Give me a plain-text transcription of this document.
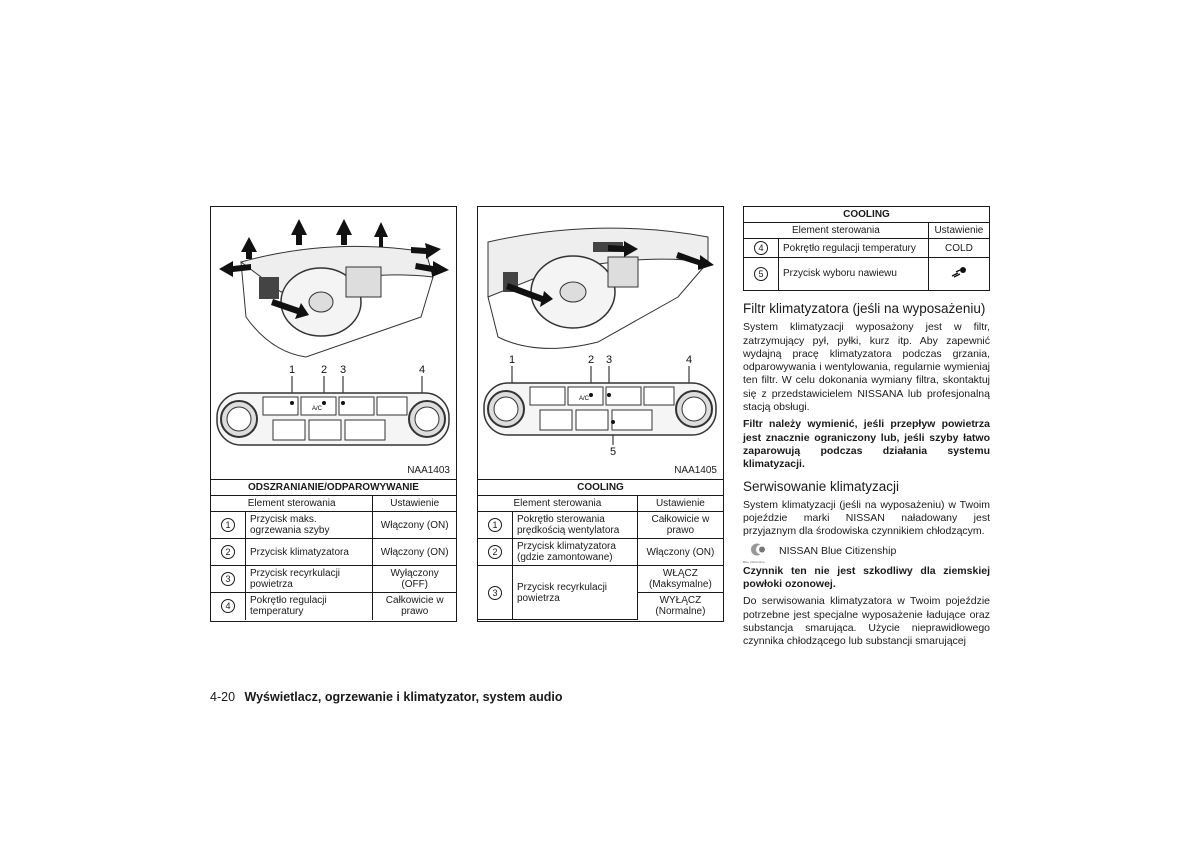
1 2 3	4
A/C
NAA1403
ODSZRANIANIE/ODPAROWYWANIE		
Element sterowania		Ustawienie
1	Przycisk maks. ogrzewania szyby	Włączony (ON)
2	Przycisk klimatyzatora	Włączony (ON)
3	Przycisk recyrkulacji powietrza	Wyłączony (OFF)
4	Pokrętło regulacji temperatury	Całkowicie w prawo
1	2 3	4
5
A/C
NAA1405
COOLING		
Element sterowania		Ustawienie
1	Pokrętło sterowania prędkością wentylatora	Całkowicie w prawo
2	Przycisk klimatyzatora (gdzie zamontowane)	Włączony (ON)
3	Przycisk recyrkulacji powietrza	WŁĄCZ (Maksymalne)
		WYŁĄCZ (Normalne)
COOLING		
Element sterowania		Ustawienie
4	Pokrętło regulacji temperatury	COLD
5	Przycisk wyboru nawiewu	
Filtr klimatyzatora (jeśli na wyposażeniu)

System klimatyzacji wyposażony jest w filtr, zatrzymujący pył, pyłki, kurz itp. Aby zapewnić wydajną pracę klimatyzatora podczas grzania, odparowywania i wentylowania, regularnie wymieniaj ten filtr. W celu dokonania wymiany filtra, skontaktuj się z przedstawicielem NISSANA lub profesjonalną stacją obsługi.

Filtr należy wymienić, jeśli przepływ powietrza jest znacznie ograniczony lub, jeśli szyby łatwo zaparowują podczas działania systemu klimatyzacji.

Serwisowanie klimatyzacji

System klimatyzacji (jeśli na wyposażeniu) w Twoim pojeździe marki NISSAN naładowany jest przyjaznym dla środowiska czynnikiem chłodzącym.

Blue Citizenship
NISSAN Blue Citizenship

Czynnik ten nie jest szkodliwy dla ziemskiej powłoki ozonowej.

Do serwisowania klimatyzatora w Twoim pojeździe potrzebne jest specjalne wyposażenie ładujące oraz substancja smarująca. Użycie nieprawidłowego czynnika chłodzącego lub substancji smarującej

4-20 Wyświetlacz, ogrzewanie i klimatyzator, system audio
